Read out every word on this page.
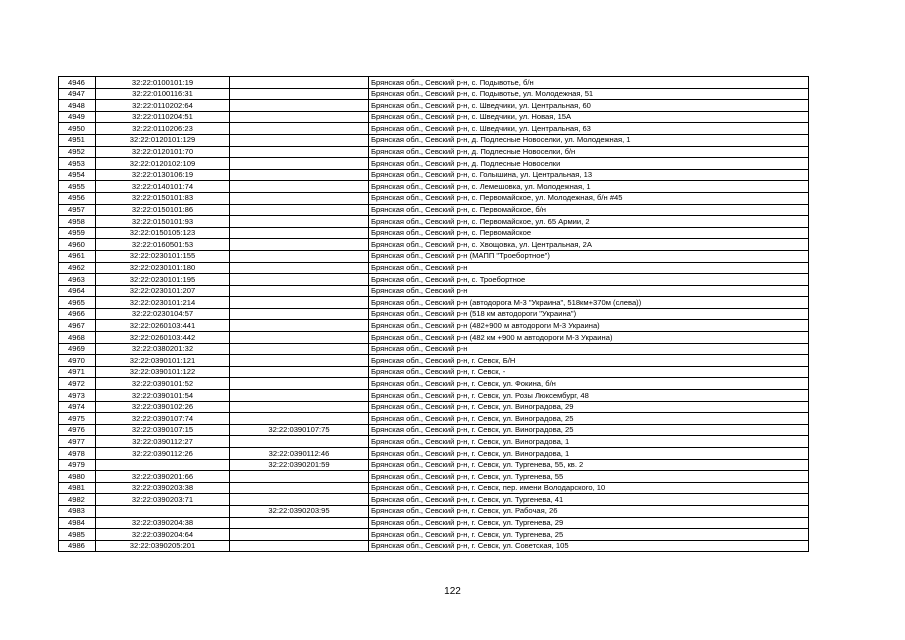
4946	32:22:0100101:19		Брянская обл., Севский р-н, с. Подывотье, б/н
4947	32:22:0100116:31		Брянская обл., Севский р-н, с. Подывотье, ул. Молодежная, 51
4948	32:22:0110202:64		Брянская обл., Севский р-н, с. Шведчики, ул. Центральная, 60
4949	32:22:0110204:51		Брянская обл., Севский р-н, с. Шведчики, ул. Новая, 15А
4950	32:22:0110206:23		Брянская обл., Севский р-н, с. Шведчики, ул. Центральная, 63
4951	32:22:0120101:129		Брянская обл., Севский р-н, д. Подлесные Новоселки, ул. Молодежная, 1
4952	32:22:0120101:70		Брянская обл., Севский р-н, д. Подлесные Новоселки, б/н
4953	32:22:0120102:109		Брянская обл., Севский р-н, д. Подлесные Новоселки
4954	32:22:0130106:19		Брянская обл., Севский р-н, с. Голышина, ул. Центральная, 13
4955	32:22:0140101:74		Брянская обл., Севский р-н, с. Лемешовка, ул. Молодежная, 1
4956	32:22:0150101:83		Брянская обл., Севский р-н, с. Первомайское, ул. Молодежная, б/н #45
4957	32:22:0150101:86		Брянская обл., Севский р-н, с. Первомайское, б/н
4958	32:22:0150101:93		Брянская обл., Севский р-н, с. Первомайское, ул. 65 Армии, 2
4959	32:22:0150105:123		Брянская обл., Севский р-н, с. Первомайское
4960	32:22:0160501:53		Брянская обл., Севский р-н, с. Хвощовка, ул. Центральная, 2А
4961	32:22:0230101:155		Брянская обл., Севский р-н (МАПП "Троебортное")
4962	32:22:0230101:180		Брянская обл., Севский р-н
4963	32:22:0230101:195		Брянская обл., Севский р-н, с. Троебортное
4964	32:22:0230101:207		Брянская обл., Севский р-н
4965	32:22:0230101:214		Брянская обл., Севский р-н (автодорога М-3 "Украина", 518км+370м (слева))
4966	32:22:0230104:57		Брянская обл., Севский р-н (518 км автодороги "Украина")
4967	32:22:0260103:441		Брянская обл., Севский р-н (482+900 м автодороги М-3 Украина)
4968	32:22:0260103:442		Брянская обл., Севский р-н (482 км +900 м автодороги М-3 Украина)
4969	32:22:0380201:32		Брянская обл., Севский р-н
4970	32:22:0390101:121		Брянская обл., Севский р-н, г. Севск, Б/Н
4971	32:22:0390101:122		Брянская обл., Севский р-н, г. Севск, -
4972	32:22:0390101:52		Брянская обл., Севский р-н, г. Севск, ул. Фокина, б/н
4973	32:22:0390101:54		Брянская обл., Севский р-н, г. Севск, ул. Розы Люксембург, 48
4974	32:22:0390102:26		Брянская обл., Севский р-н, г. Севск, ул. Виноградова, 29
4975	32:22:0390107:74		Брянская обл., Севский р-н, г. Севск, ул. Виноградова, 25
4976	32:22:0390107:15	32:22:0390107:75	Брянская обл., Севский р-н, г. Севск, ул. Виноградова, 25
4977	32:22:0390112:27		Брянская обл., Севский р-н, г. Севск, ул. Виноградова, 1
4978	32:22:0390112:26	32:22:0390112:46	Брянская обл., Севский р-н, г. Севск, ул. Виноградова, 1
4979		32:22:0390201:59	Брянская обл., Севский р-н, г. Севск, ул. Тургенева, 55, кв. 2
4980	32:22:0390201:66		Брянская обл., Севский р-н, г. Севск, ул. Тургенева, 55
4981	32:22:0390203:38		Брянская обл., Севский р-н, г. Севск, пер. имени Володарского, 10
4982	32:22:0390203:71		Брянская обл., Севский р-н, г. Севск, ул. Тургенева, 41
4983		32:22:0390203:95	Брянская обл., Севский р-н, г. Севск, ул. Рабочая, 26
4984	32:22:0390204:38		Брянская обл., Севский р-н, г. Севск, ул. Тургенева, 29
4985	32:22:0390204:64		Брянская обл., Севский р-н, г. Севск, ул. Тургенева, 25
4986	32:22:0390205:201		Брянская обл., Севский р-н, г. Севск, ул. Советская, 105
122
